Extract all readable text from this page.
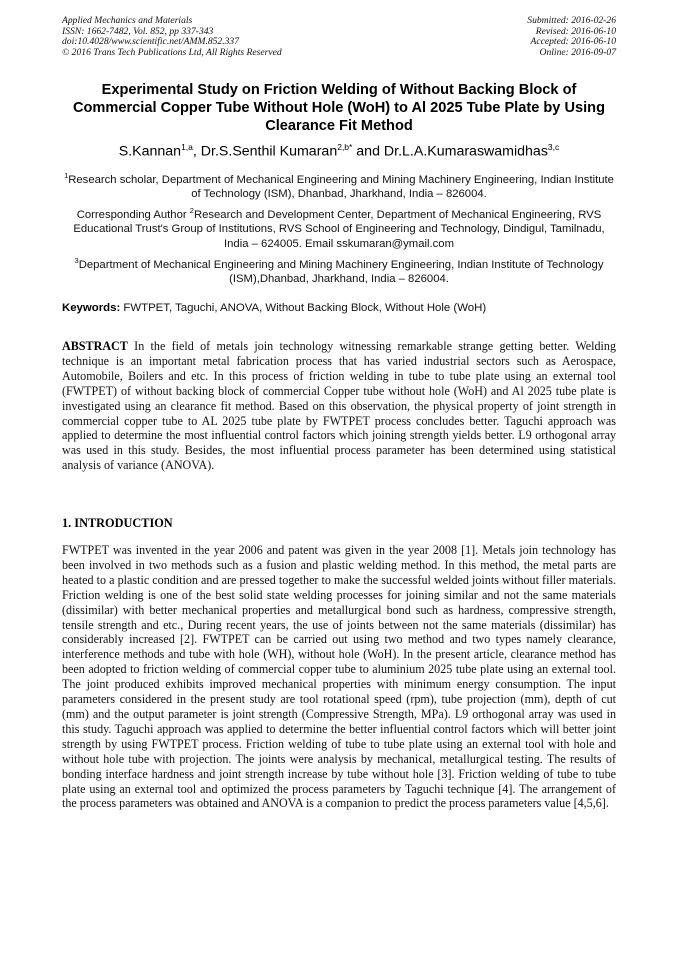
Applied Mechanics and Materials
ISSN: 1662-7482, Vol. 852, pp 337-343
doi:10.4028/www.scientific.net/AMM.852.337
© 2016 Trans Tech Publications Ltd, All Rights Reserved
Submitted: 2016-02-26
Revised: 2016-06-10
Accepted: 2016-06-10
Online: 2016-09-07
Experimental Study on Friction Welding of Without Backing Block of Commercial Copper Tube Without Hole (WoH) to Al 2025 Tube Plate by Using Clearance Fit Method
S.Kannan$^{1,a}$, Dr.S.Senthil Kumaran$^{2,b*}$ and Dr.L.A.Kumaraswamidhas$^{3,c}$
$^1$Research scholar, Department of Mechanical Engineering and Mining Machinery Engineering, Indian Institute of Technology (ISM), Dhanbad, Jharkhand, India – 826004.
Corresponding Author $^2$Research and Development Center, Department of Mechanical Engineering, RVS Educational Trust's Group of Institutions, RVS School of Engineering and Technology, Dindigul, Tamilnadu, India – 624005. Email sskumaran@ymail.com
$^3$Department of Mechanical Engineering and Mining Machinery Engineering, Indian Institute of Technology (ISM),Dhanbad, Jharkhand, India – 826004.
Keywords: FWTPET, Taguchi, ANOVA, Without Backing Block, Without Hole (WoH)
ABSTRACT In the field of metals join technology witnessing remarkable strange getting better. Welding technique is an important metal fabrication process that has varied industrial sectors such as Aerospace, Automobile, Boilers and etc. In this process of friction welding in tube to tube plate using an external tool (FWTPET) of without backing block of commercial Copper tube without hole (WoH) and Al 2025 tube plate is investigated using an clearance fit method. Based on this observation, the physical property of joint strength in commercial copper tube to AL 2025 tube plate by FWTPET process concludes better. Taguchi approach was applied to determine the most influential control factors which joining strength yields better. L9 orthogonal array was used in this study. Besides, the most influential process parameter has been determined using statistical analysis of variance (ANOVA).
1. INTRODUCTION
FWTPET was invented in the year 2006 and patent was given in the year 2008 [1]. Metals join technology has been involved in two methods such as a fusion and plastic welding method. In this method, the metal parts are heated to a plastic condition and are pressed together to make the successful welded joints without filler materials. Friction welding is one of the best solid state welding processes for joining similar and not the same materials (dissimilar) with better mechanical properties and metallurgical bond such as hardness, compressive strength, tensile strength and etc., During recent years, the use of joints between not the same materials (dissimilar) has considerably increased [2]. FWTPET can be carried out using two method and two types namely clearance, interference methods and tube with hole (WH), without hole (WoH). In the present article, clearance method has been adopted to friction welding of commercial copper tube to aluminium 2025 tube plate using an external tool. The joint produced exhibits improved mechanical properties with minimum energy consumption. The input parameters considered in the present study are tool rotational speed (rpm), tube projection (mm), depth of cut (mm) and the output parameter is joint strength (Compressive Strength, MPa). L9 orthogonal array was used in this study. Taguchi approach was applied to determine the better influential control factors which will better joint strength by using FWTPET process. Friction welding of tube to tube plate using an external tool with hole and without hole tube with projection. The joints were analysis by mechanical, metallurgical testing. The results of bonding interface hardness and joint strength increase by tube without hole [3]. Friction welding of tube to tube plate using an external tool and optimized the process parameters by Taguchi technique [4]. The arrangement of the process parameters was obtained and ANOVA is a companion to predict the process parameters value [4,5,6].
